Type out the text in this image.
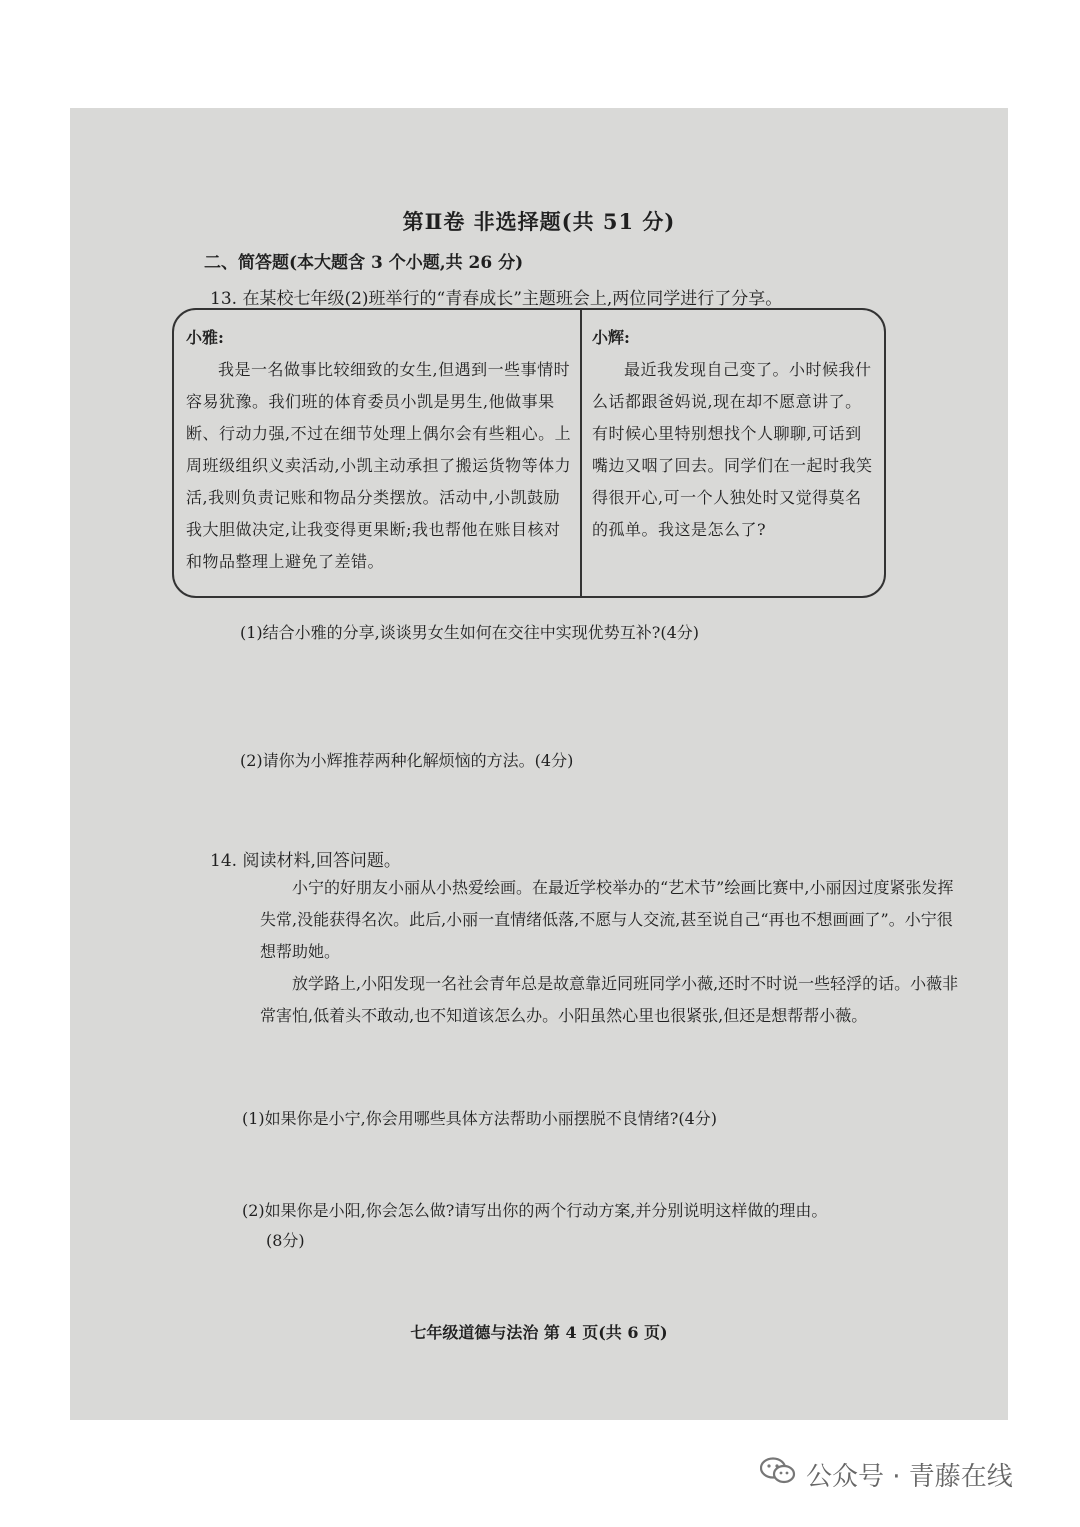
第Ⅱ卷 非选择题(共 51 分)
二、简答题(本大题含 3 个小题,共 26 分)
13. 在某校七年级(2)班举行的“青春成长”主题班会上,两位同学进行了分享。
小雅:
我是一名做事比较细致的女生,但遇到一些事情时容易犹豫。我们班的体育委员小凯是男生,他做事果断、行动力强,不过在细节处理上偶尔会有些粗心。上周班级组织义卖活动,小凯主动承担了搬运货物等体力活,我则负责记账和物品分类摆放。活动中,小凯鼓励我大胆做决定,让我变得更果断;我也帮他在账目核对和物品整理上避免了差错。
小辉:
最近我发现自己变了。小时候我什么话都跟爸妈说,现在却不愿意讲了。有时候心里特别想找个人聊聊,可话到嘴边又咽了回去。同学们在一起时我笑得很开心,可一个人独处时又觉得莫名的孤单。我这是怎么了?
(1)结合小雅的分享,谈谈男女生如何在交往中实现优势互补?(4分)
(2)请你为小辉推荐两种化解烦恼的方法。(4分)
14. 阅读材料,回答问题。
小宁的好朋友小丽从小热爱绘画。在最近学校举办的“艺术节”绘画比赛中,小丽因过度紧张发挥失常,没能获得名次。此后,小丽一直情绪低落,不愿与人交流,甚至说自己“再也不想画画了”。小宁很想帮助她。
放学路上,小阳发现一名社会青年总是故意靠近同班同学小薇,还时不时说一些轻浮的话。小薇非常害怕,低着头不敢动,也不知道该怎么办。小阳虽然心里也很紧张,但还是想帮帮小薇。
(1)如果你是小宁,你会用哪些具体方法帮助小丽摆脱不良情绪?(4分)
(2)如果你是小阳,你会怎么做?请写出你的两个行动方案,并分别说明这样做的理由。
(8分)
七年级道德与法治 第 4 页(共 6 页)
公众号 · 青藤在线
